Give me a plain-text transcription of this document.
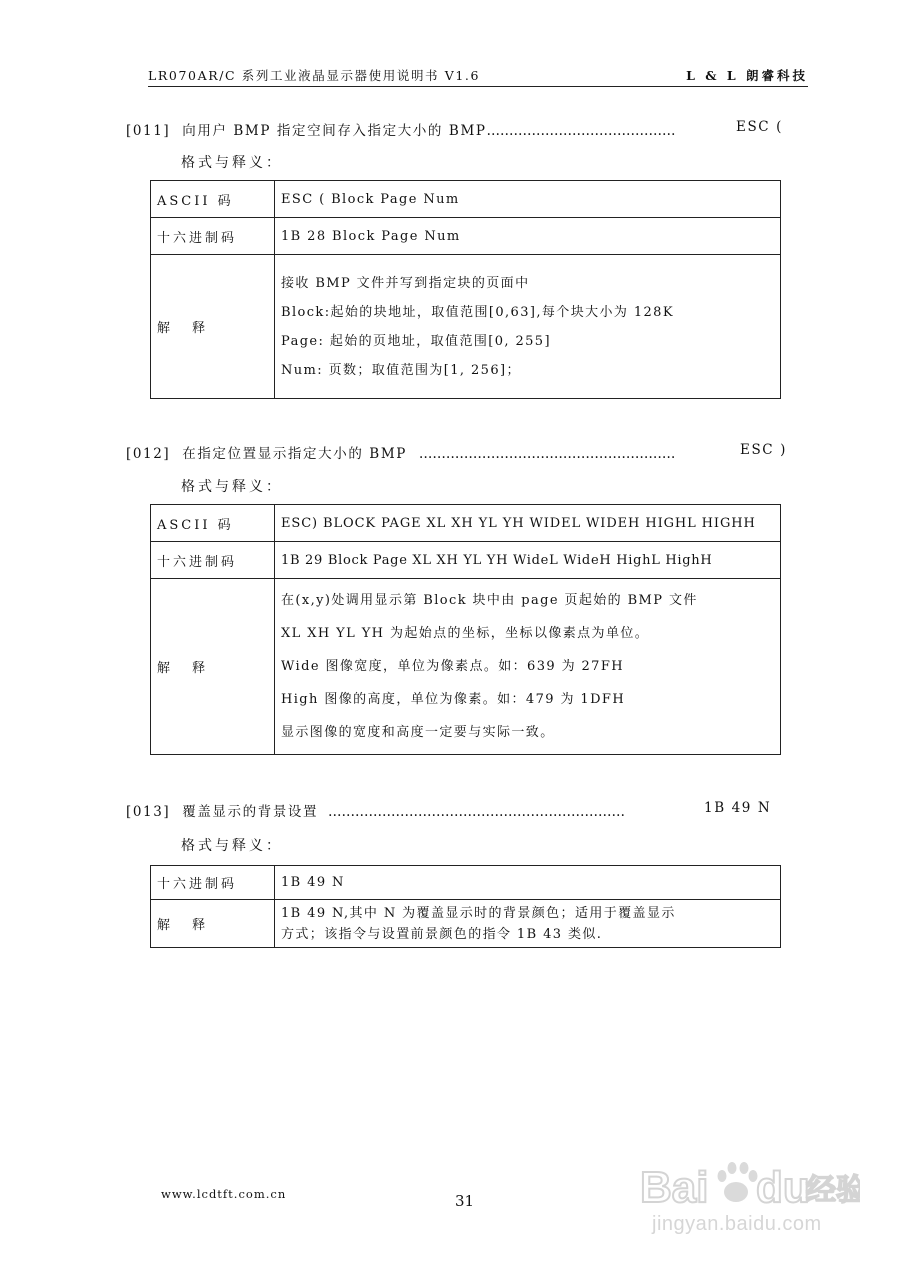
LR070AR/C 系列工业液晶显示器使用说明书 V1.6	L & L 朗睿科技
[011] 向用户 BMP 指定空间存入指定大小的 BMP……………………………………	ESC (
格式与释义：
ASCII 码	ESC ( Block Page Num
十六进制码	1B 28 Block Page Num
解 释	接收 BMP 文件并写到指定块的页面中
Block:起始的块地址，取值范围[0,63],每个块大小为 128K
Page: 起始的页地址，取值范围[0, 255]
Num: 页数；取值范围为[1, 256]；
[012] 在指定位置显示指定大小的 BMP …………………………………………………	ESC )
格式与释义：
ASCII 码	ESC) BLOCK PAGE XL XH YL YH WIDEL WIDEH HIGHL HIGHH
十六进制码	1B 29 Block Page XL XH YL YH WideL WideH HighL HighH
解 释	在(x,y)处调用显示第 Block 块中由 page 页起始的 BMP 文件
XL XH YL YH 为起始点的坐标，坐标以像素点为单位。
Wide 图像宽度，单位为像素点。如：639 为 27FH
High 图像的高度，单位为像素。如：479 为 1DFH
显示图像的宽度和高度一定要与实际一致。
[013] 覆盖显示的背景设置 …………………………………………………………	1B 49 N
格式与释义：
十六进制码	1B 49 N
解 释	1B 49 N,其中 N 为覆盖显示时的背景颜色；适用于覆盖显示
方式；该指令与设置前景颜色的指令 1B 43 类似.
www.lcdtft.com.cn	31	Bai du
经验
jingyan.baidu.com
